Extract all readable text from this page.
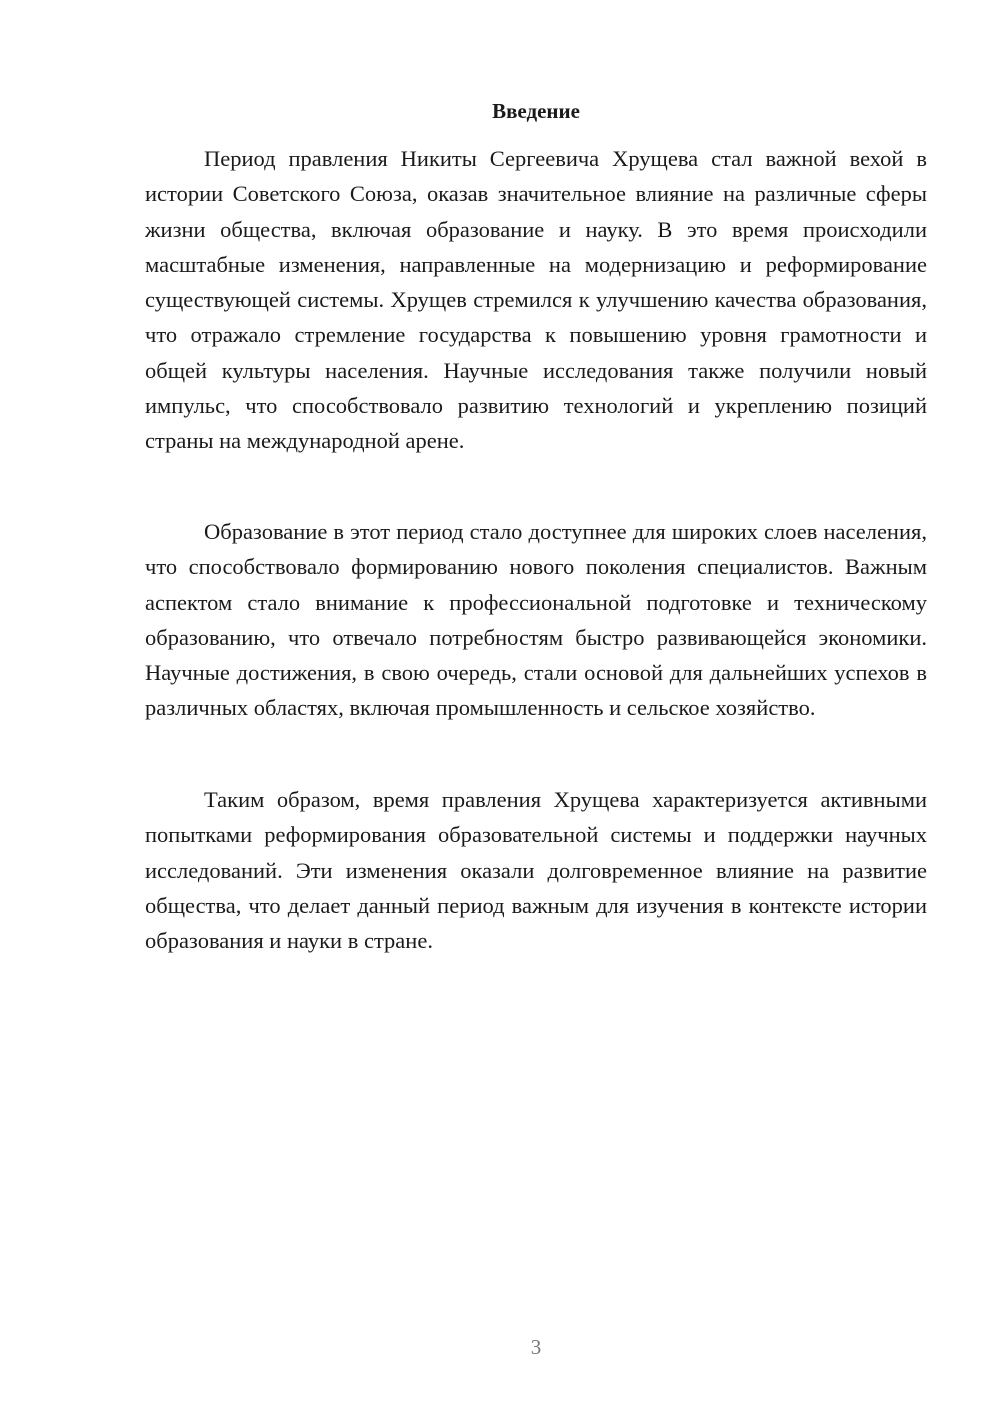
Введение

Период правления Никиты Сергеевича Хрущева стал важной вехой в истории Советского Союза, оказав значительное влияние на различные сферы жизни общества, включая образование и науку. В это время происходили масштабные изменения, направленные на модернизацию и реформирование существующей системы. Хрущев стремился к улучшению качества образования, что отражало стремление государства к повышению уровня грамотности и общей культуры населения. Научные исследования также получили новый импульс, что способствовало развитию технологий и укреплению позиций страны на международной арене.

Образование в этот период стало доступнее для широких слоев населения, что способствовало формированию нового поколения специалистов. Важным аспектом стало внимание к профессиональной подготовке и техническому образованию, что отвечало потребностям быстро развивающейся экономики. Научные достижения, в свою очередь, стали основой для дальнейших успехов в различных областях, включая промышленность и сельское хозяйство.

Таким образом, время правления Хрущева характеризуется активными попытками реформирования образовательной системы и поддержки научных исследований. Эти изменения оказали долговременное влияние на развитие общества, что делает данный период важным для изучения в контексте истории образования и науки в стране.

3
